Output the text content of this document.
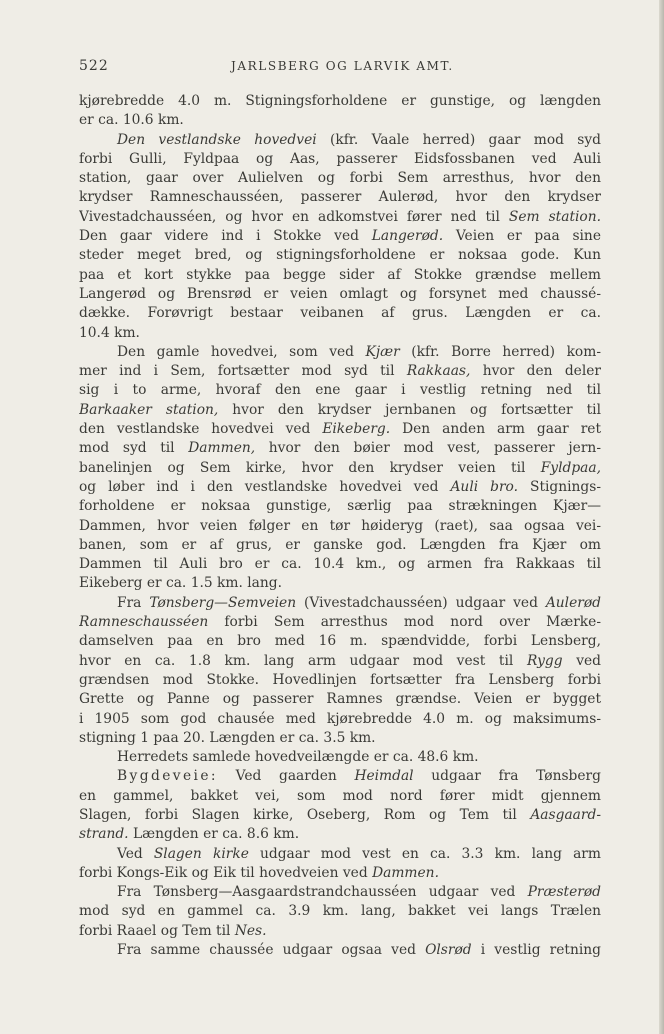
522	JARLSBERG OG LARVIK AMT.
kjørebredde 4.0 m. Stigningsforholdene er gunstige, og længden
er ca. 10.6 km.
Den vestlandske hovedvei (kfr. Vaale herred) gaar mod syd
forbi Gulli, Fyldpaa og Aas, passerer Eidsfossbanen ved Auli
station, gaar over Aulielven og forbi Sem arresthus, hvor den
krydser Ramneschausséen, passerer Aulerød, hvor den krydser
Vivestadchausséen, og hvor en adkomstvei fører ned til Sem station.
Den gaar videre ind i Stokke ved Langerød. Veien er paa sine
steder meget bred, og stigningsforholdene er noksaa gode. Kun
paa et kort stykke paa begge sider af Stokke grændse mellem
Langerød og Brensrød er veien omlagt og forsynet med chaussé-
dække. Forøvrigt bestaar veibanen af grus. Længden er ca.
10.4 km.
Den gamle hovedvei, som ved Kjær (kfr. Borre herred) kom-
mer ind i Sem, fortsætter mod syd til Rakkaas, hvor den deler
sig i to arme, hvoraf den ene gaar i vestlig retning ned til
Barkaaker station, hvor den krydser jernbanen og fortsætter til
den vestlandske hovedvei ved Eikeberg. Den anden arm gaar ret
mod syd til Dammen, hvor den bøier mod vest, passerer jern-
banelinjen og Sem kirke, hvor den krydser veien til Fyldpaa,
og løber ind i den vestlandske hovedvei ved Auli bro. Stignings-
forholdene er noksaa gunstige, særlig paa strækningen Kjær—
Dammen, hvor veien følger en tør høideryg (raet), saa ogsaa vei-
banen, som er af grus, er ganske god. Længden fra Kjær om
Dammen til Auli bro er ca. 10.4 km., og armen fra Rakkaas til
Eikeberg er ca. 1.5 km. lang.
Fra Tønsberg—Semveien (Vivestadchausséen) udgaar ved Aulerød
Ramneschausséen forbi Sem arresthus mod nord over Mærke-
damselven paa en bro med 16 m. spændvidde, forbi Lensberg,
hvor en ca. 1.8 km. lang arm udgaar mod vest til Rygg ved
grændsen mod Stokke. Hovedlinjen fortsætter fra Lensberg forbi
Grette og Panne og passerer Ramnes grændse. Veien er bygget
i 1905 som god chausée med kjørebredde 4.0 m. og maksimums-
stigning 1 paa 20. Længden er ca. 3.5 km.
Herredets samlede hovedveilængde er ca. 48.6 km.
Bygdeveie: Ved gaarden Heimdal udgaar fra Tønsberg
en gammel, bakket vei, som mod nord fører midt gjennem
Slagen, forbi Slagen kirke, Oseberg, Rom og Tem til Aasgaard-
strand. Længden er ca. 8.6 km.
Ved Slagen kirke udgaar mod vest en ca. 3.3 km. lang arm
forbi Kongs-Eik og Eik til hovedveien ved Dammen.
Fra Tønsberg—Aasgaardstrandchausséen udgaar ved Præsterød
mod syd en gammel ca. 3.9 km. lang, bakket vei langs Trælen
forbi Raael og Tem til Nes.
Fra samme chaussée udgaar ogsaa ved Olsrød i vestlig retning
